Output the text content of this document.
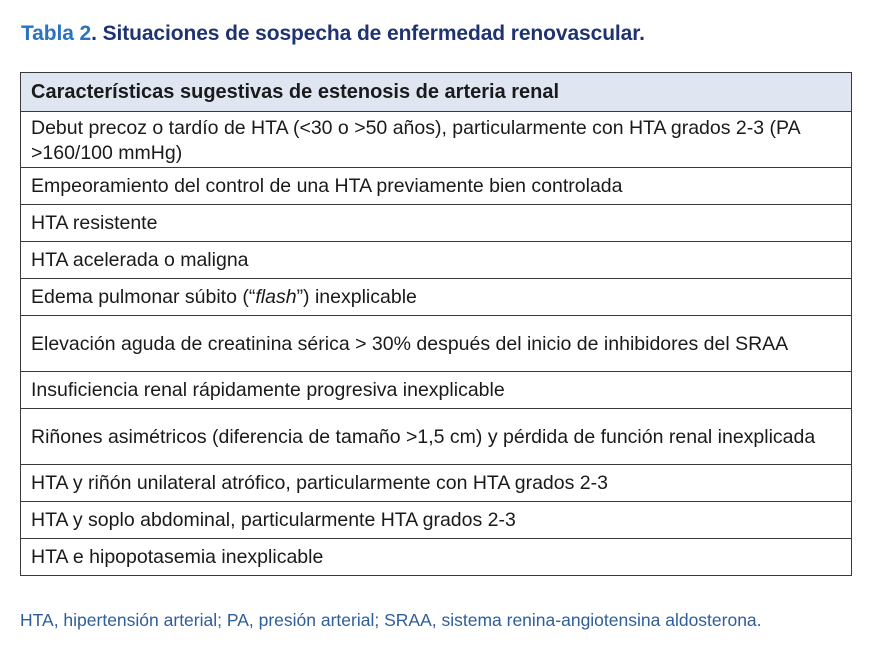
Tabla 2. Situaciones de sospecha de enfermedad renovascular.
Características sugestivas de estenosis de arteria renal
Debut precoz o tardío de HTA (<30 o >50 años), particularmente con HTA grados 2-3 (PA >160/100 mmHg)
Empeoramiento del control de una HTA previamente bien controlada
HTA resistente
HTA acelerada o maligna
Edema pulmonar súbito (“flash”) inexplicable
Elevación aguda de creatinina sérica > 30% después del inicio de inhibidores del SRAA
Insuficiencia renal rápidamente progresiva inexplicable
Riñones asimétricos (diferencia de tamaño >1,5 cm) y pérdida de función renal inexplicada
HTA y riñón unilateral atrófico, particularmente con HTA grados 2-3
HTA y soplo abdominal, particularmente HTA grados 2-3
HTA e hipopotasemia inexplicable
HTA, hipertensión arterial; PA, presión arterial; SRAA, sistema renina-angiotensina aldosterona.
